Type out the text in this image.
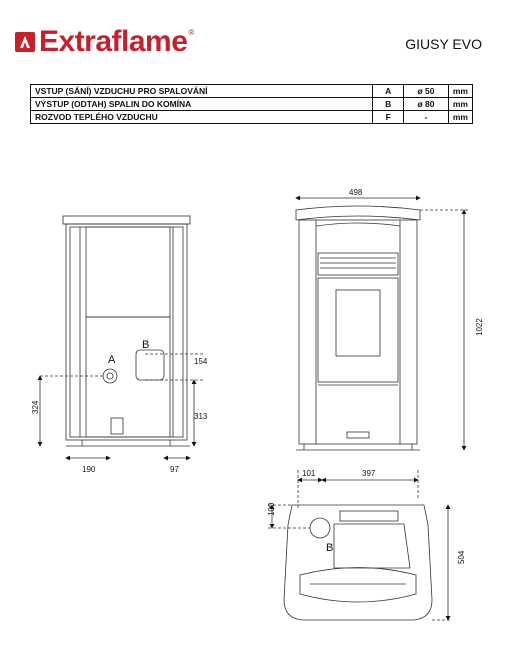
Extraflame ®
GIUSY EVO
VSTUP (SÁNÍ) VZDUCHU PRO SPALOVÁNÍ	A	ø 50	mm
VÝSTUP (ODTAH) SPALIN DO KOMÍNA	B	ø 80	mm
ROZVOD TEPLÉHO VZDUCHU	F	-	mm
A
B
154
313
324
190	97
498
1022
101	397
100
504
B
